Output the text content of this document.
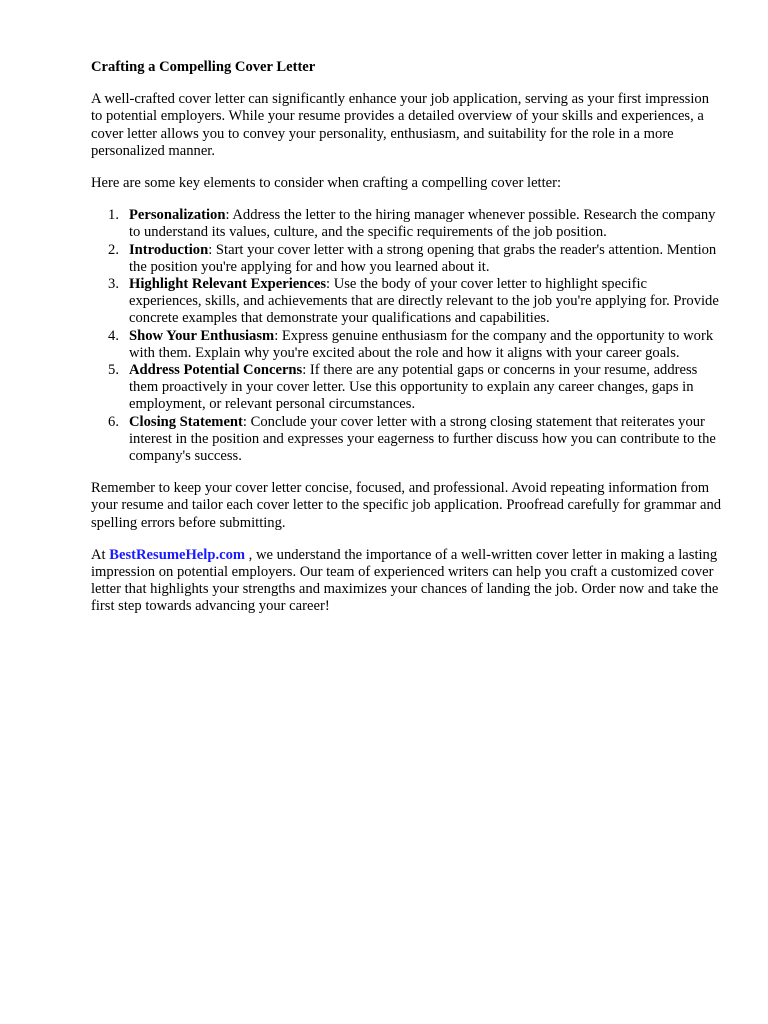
Crafting a Compelling Cover Letter
A well-crafted cover letter can significantly enhance your job application, serving as your first impression to potential employers. While your resume provides a detailed overview of your skills and experiences, a cover letter allows you to convey your personality, enthusiasm, and suitability for the role in a more personalized manner.
Here are some key elements to consider when crafting a compelling cover letter:
1. Personalization: Address the letter to the hiring manager whenever possible. Research the company to understand its values, culture, and the specific requirements of the job position.
2. Introduction: Start your cover letter with a strong opening that grabs the reader's attention. Mention the position you're applying for and how you learned about it.
3. Highlight Relevant Experiences: Use the body of your cover letter to highlight specific experiences, skills, and achievements that are directly relevant to the job you're applying for. Provide concrete examples that demonstrate your qualifications and capabilities.
4. Show Your Enthusiasm: Express genuine enthusiasm for the company and the opportunity to work with them. Explain why you're excited about the role and how it aligns with your career goals.
5. Address Potential Concerns: If there are any potential gaps or concerns in your resume, address them proactively in your cover letter. Use this opportunity to explain any career changes, gaps in employment, or relevant personal circumstances.
6. Closing Statement: Conclude your cover letter with a strong closing statement that reiterates your interest in the position and expresses your eagerness to further discuss how you can contribute to the company's success.
Remember to keep your cover letter concise, focused, and professional. Avoid repeating information from your resume and tailor each cover letter to the specific job application. Proofread carefully for grammar and spelling errors before submitting.
At BestResumeHelp.com , we understand the importance of a well-written cover letter in making a lasting impression on potential employers. Our team of experienced writers can help you craft a customized cover letter that highlights your strengths and maximizes your chances of landing the job. Order now and take the first step towards advancing your career!
